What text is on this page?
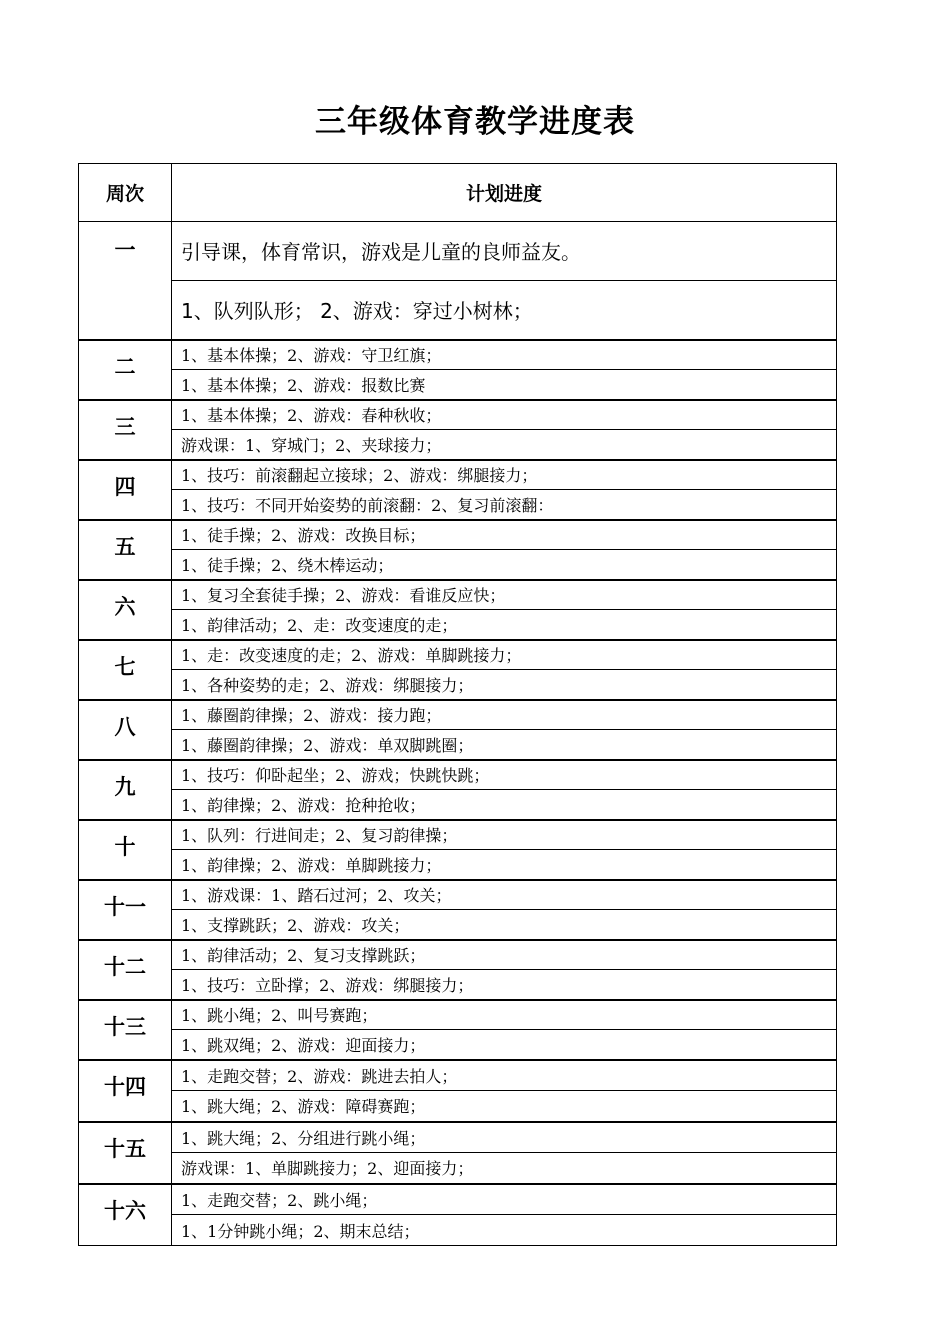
三年级体育教学进度表
周次	计划进度

一	引导课，体育常识，游戏是儿童的良师益友。
	1、队列队形； 2、游戏：穿过小树林；

二	1、基本体操；2、游戏：守卫红旗；
	1、基本体操；2、游戏：报数比赛

三	1、基本体操；2、游戏：春种秋收；
	游戏课：1、穿城门；2、夹球接力；

四	1、技巧：前滚翻起立接球；2、游戏：绑腿接力；
	1、技巧：不同开始姿势的前滚翻：2、复习前滚翻：

五	1、徒手操；2、游戏：改换目标；
	1、徒手操；2、绕木棒运动；

六	1、复习全套徒手操；2、游戏：看谁反应快；
	1、韵律活动；2、走：改变速度的走；

七	1、走：改变速度的走；2、游戏：单脚跳接力；
	1、各种姿势的走；2、游戏：绑腿接力；

八	1、藤圈韵律操；2、游戏：接力跑；
	1、藤圈韵律操；2、游戏：单双脚跳圈；

九	1、技巧：仰卧起坐；2、游戏；快跳快跳；
	1、韵律操；2、游戏：抢种抢收；

十	1、队列：行进间走；2、复习韵律操；
	1、韵律操；2、游戏：单脚跳接力；

十一	1、游戏课：1、踏石过河；2、攻关；
	1、支撑跳跃；2、游戏：攻关；

十二	1、韵律活动；2、复习支撑跳跃；
	1、技巧：立卧撑；2、游戏：绑腿接力；

十三	1、跳小绳；2、叫号赛跑；
	1、跳双绳；2、游戏：迎面接力；

十四	1、走跑交替；2、游戏：跳进去拍人；
	1、跳大绳；2、游戏：障碍赛跑；

十五	1、跳大绳；2、分组进行跳小绳；
	游戏课：1、单脚跳接力；2、迎面接力；

十六	1、走跑交替；2、跳小绳；
	1、1分钟跳小绳；2、期末总结；
